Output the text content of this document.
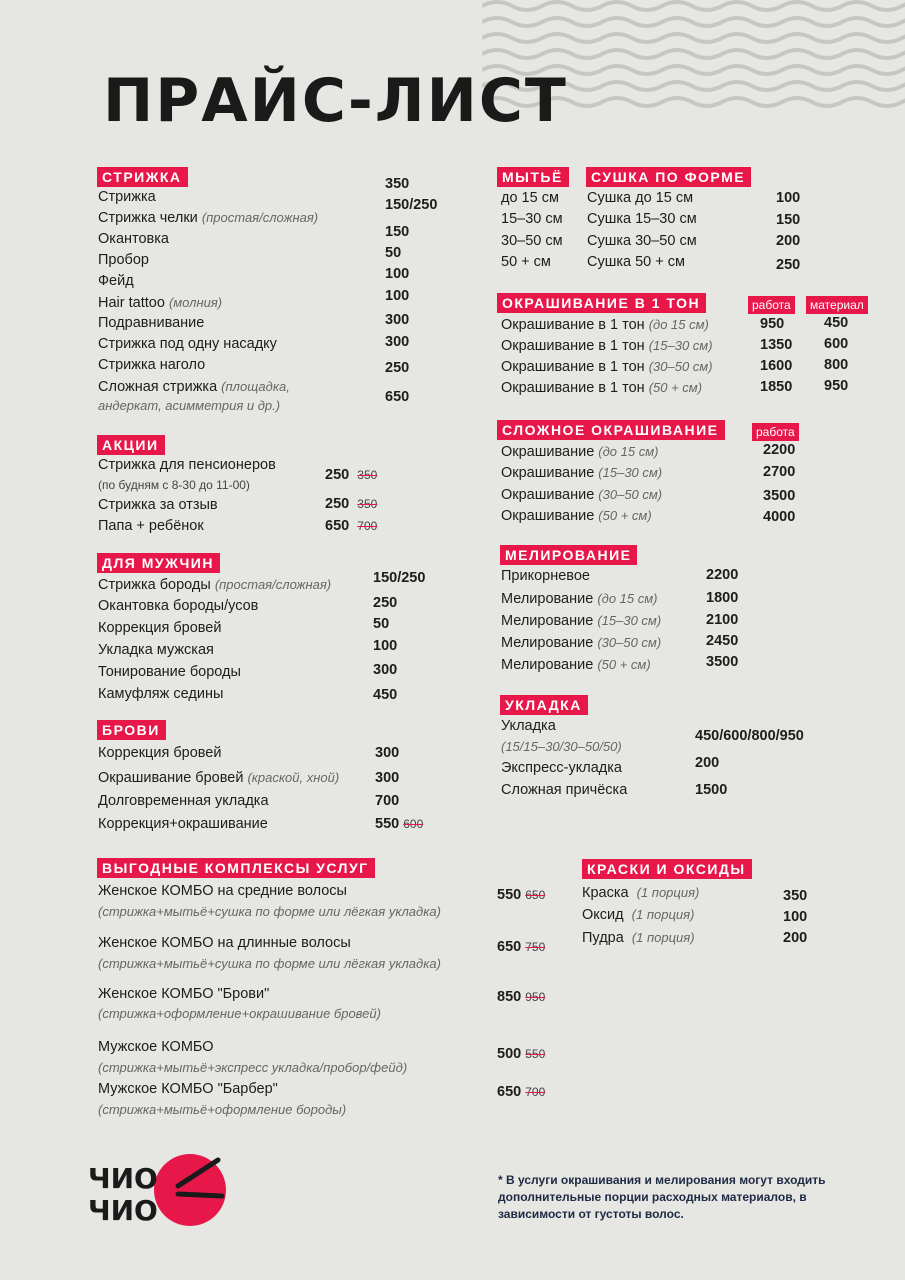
ПРАЙС-ЛИСТ
СТРИЖКА
Стрижка
350
Стрижка челки (простая/сложная)
150/250
Окантовка	150
Пробор	50
Фейд	100
Hair tattoo (молния)	100
Подравнивание	300
Стрижка под одну насадку	300
Стрижка наголо	250
Сложная стрижка (площадка,
андеркат, асимметрия и др.)
650
АКЦИИ
Стрижка для пенсионеров
(по будням с 8-30 до 11-00)
250 350
Стрижка за отзыв	250 350
Папа + ребёнок	650 700
ДЛЯ МУЖЧИН
Стрижка бороды (простая/сложная)	150/250
Окантовка бороды/усов	250
Коррекция бровей	50
Укладка мужская	100
Тонирование бороды	300
Камуфляж седины	450
БРОВИ
Коррекция бровей	300
Окрашивание бровей (краской, хной) 300
Долговременная укладка	700
Коррекция+окрашивание	550 600
ВЫГОДНЫЕ КОМПЛЕКСЫ УСЛУГ
Женское КОМБО на средние волосы
(стрижка+мытьё+сушка по форме или лёгкая укладка)
550 650
Женское КОМБО на длинные волосы
(стрижка+мытьё+сушка по форме или лёгкая укладка)
650 750
Женское КОМБО "Брови"
(стрижка+оформление+окрашивание бровей)
850 950
Мужское КОМБО
(стрижка+мытьё+экспресс укладка/пробор/фейд)
500 550
Мужское КОМБО "Барбер"
(стрижка+мытьё+оформление бороды)
650 700
МЫТЬЁ
до 15 см
15–30 см
30–50 см
50 + см
СУШКА ПО ФОРМЕ
Сушка до 15 см	100
Сушка 15–30 см	150
Сушка 30–50 см	200
Сушка 50 + см	250
ОКРАШИВАНИЕ В 1 ТОН	работа	материал
Окрашивание в 1 тон (до 15 см)	950	450
Окрашивание в 1 тон (15–30 см)	1350 600
Окрашивание в 1 тон (30–50 см)	1600 800
Окрашивание в 1 тон (50 + см)	1850 950
СЛОЖНОЕ ОКРАШИВАНИЕ	работа
Окрашивание (до 15 см)	2200
Окрашивание (15–30 см)	2700
Окрашивание (30–50 см)	3500
Окрашивание (50 + см)	4000
МЕЛИРОВАНИЕ
Прикорневое	2200
Мелирование (до 15 см)	1800
Мелирование (15–30 см)	2100
Мелирование (30–50 см)	2450
Мелирование (50 + см)	3500
УКЛАДКА
Укладка
(15/15–30/30–50/50)
450/600/800/950
Экспресс-укладка	200
Сложная причёска	1500
КРАСКИ И ОКСИДЫ
Краска (1 порция)	350
Оксид (1 порция)	100
Пудра (1 порция)	200
* В услуги окрашивания и мелирования могут входить дополнительные порции расходных материалов, в зависимости от густоты волос.
ЧИО
ЧИО
